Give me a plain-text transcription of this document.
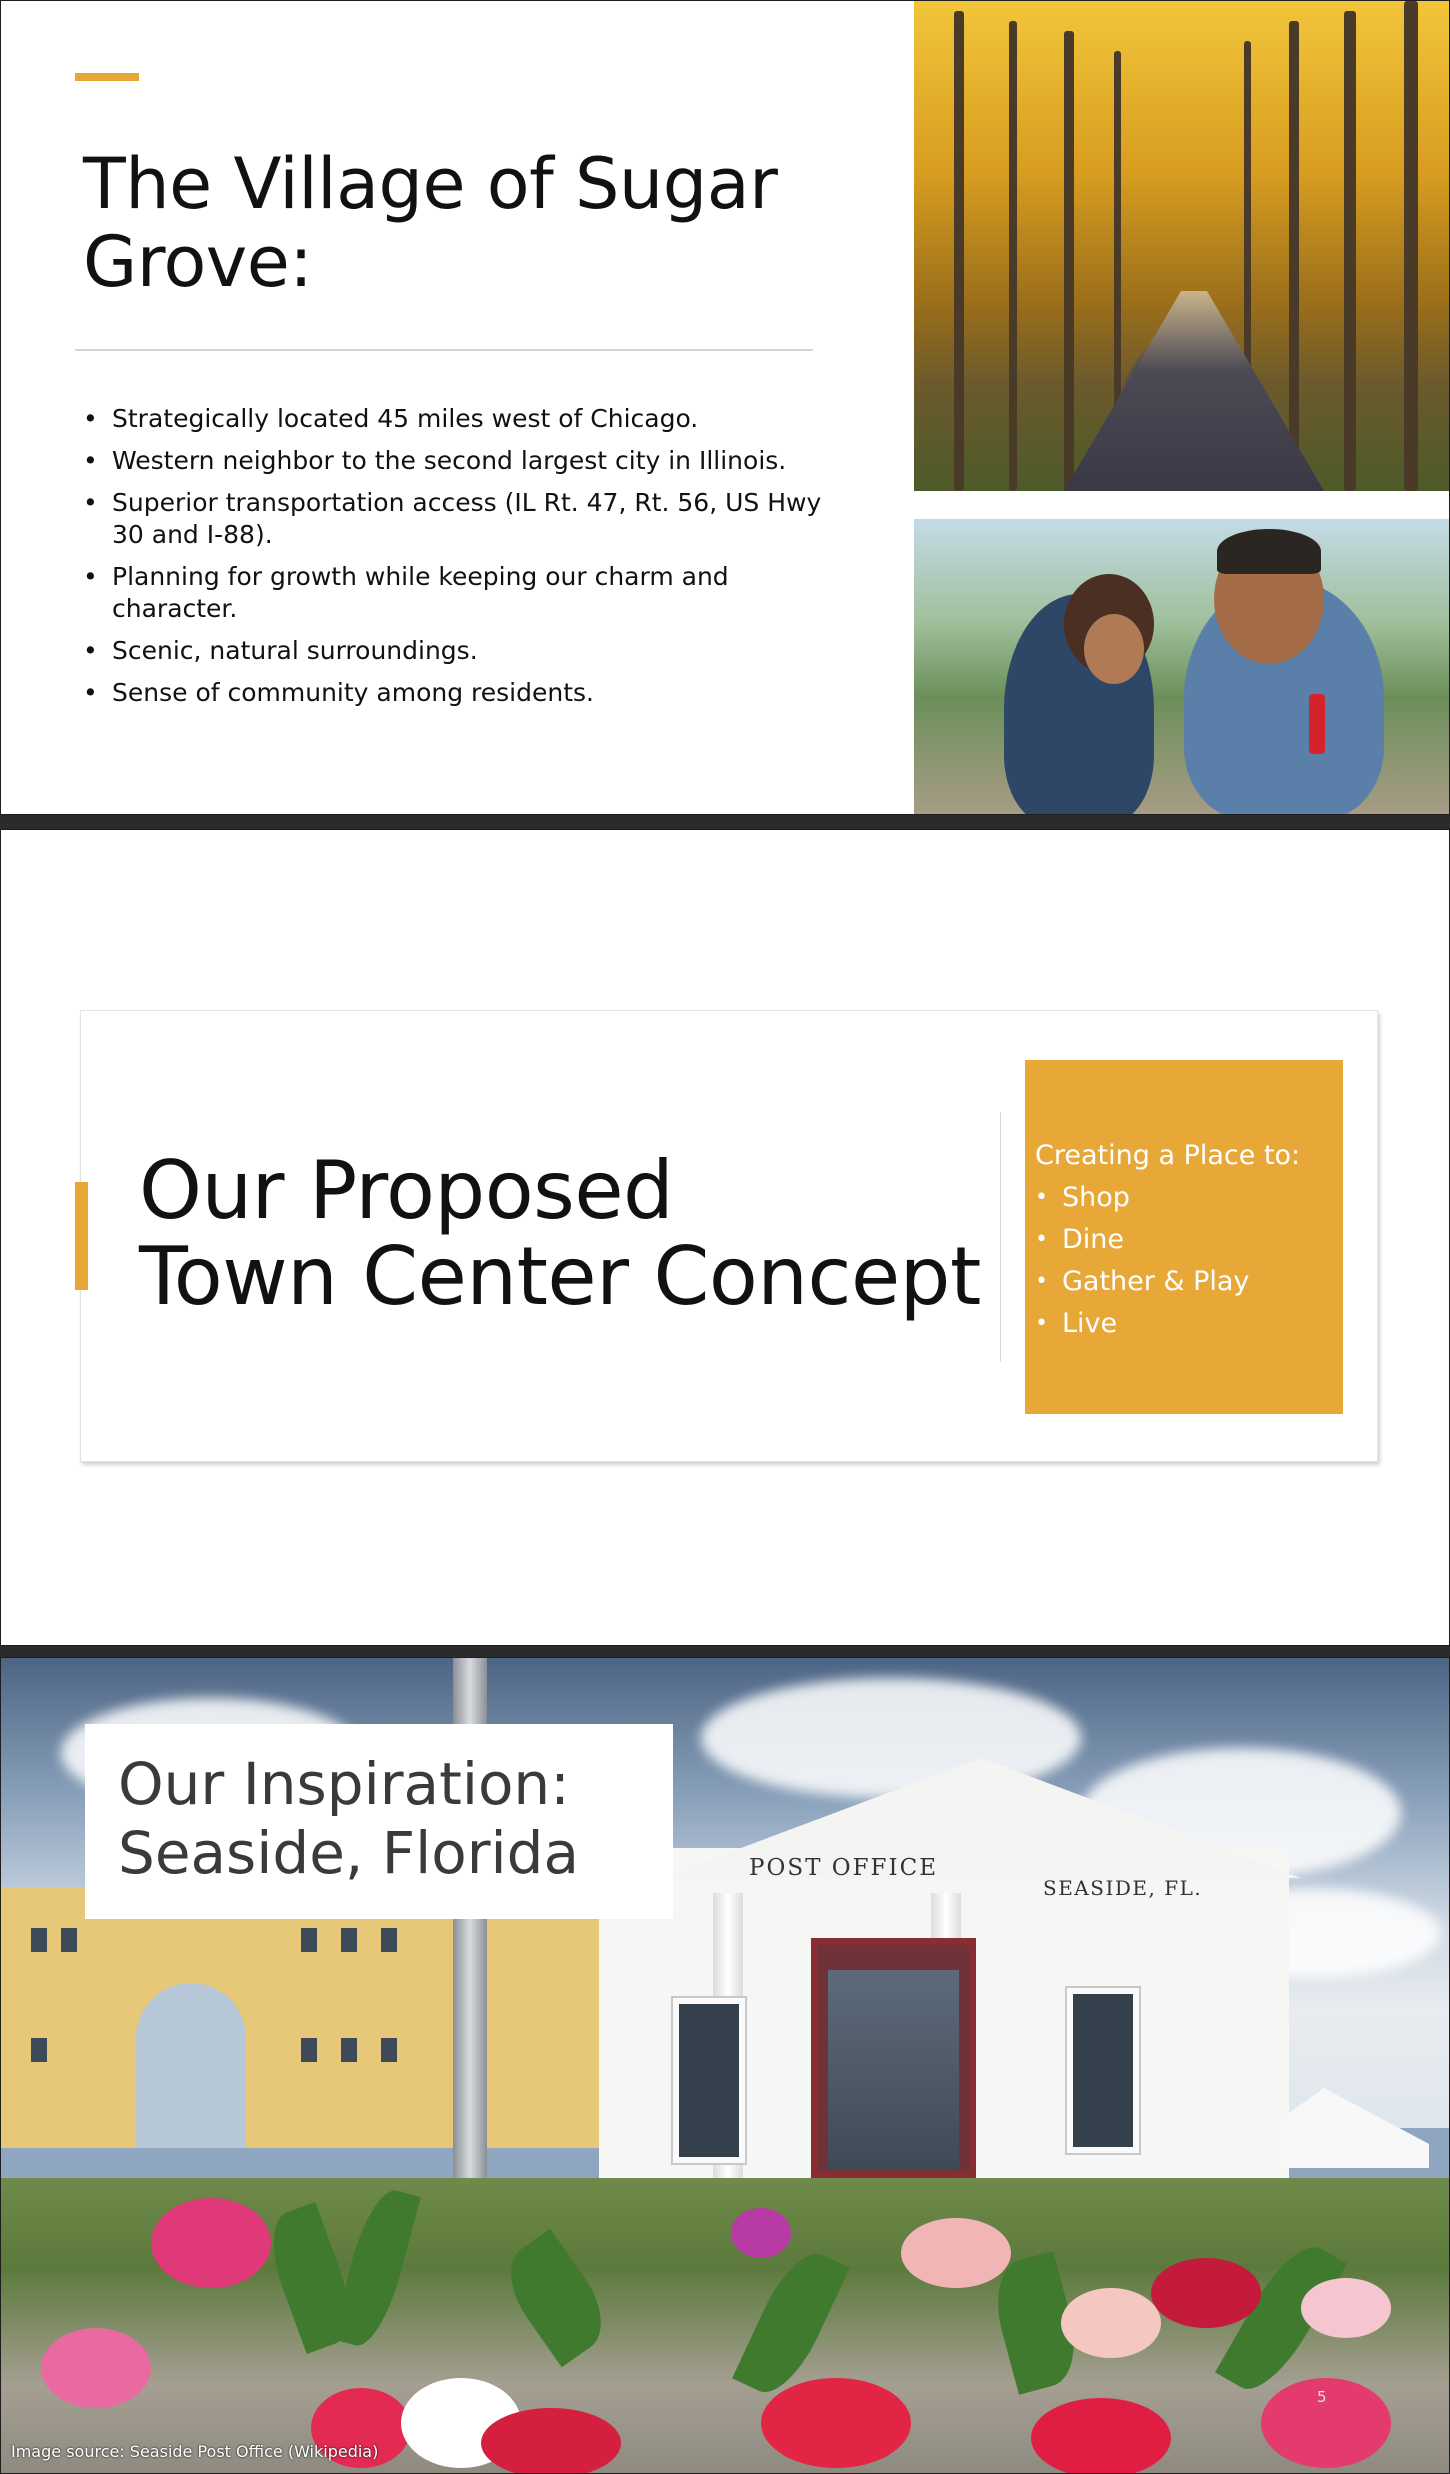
The Village of Sugar Grove:
• Strategically located 45 miles west of Chicago.
• Western neighbor to the second largest city in Illinois.
• Superior transportation access (IL Rt. 47, Rt. 56, US Hwy 30 and I-88).
• Planning for growth while keeping our charm and character.
• Scenic, natural surroundings.
• Sense of community among residents.
Our Proposed
Town Center Concept
Creating a Place to:
• Shop
• Dine
• Gather & Play
• Live
POST OFFICE
SEASIDE, FL.
Our Inspiration:
Seaside, Florida
5
Image source: Seaside Post Office (Wikipedia)
